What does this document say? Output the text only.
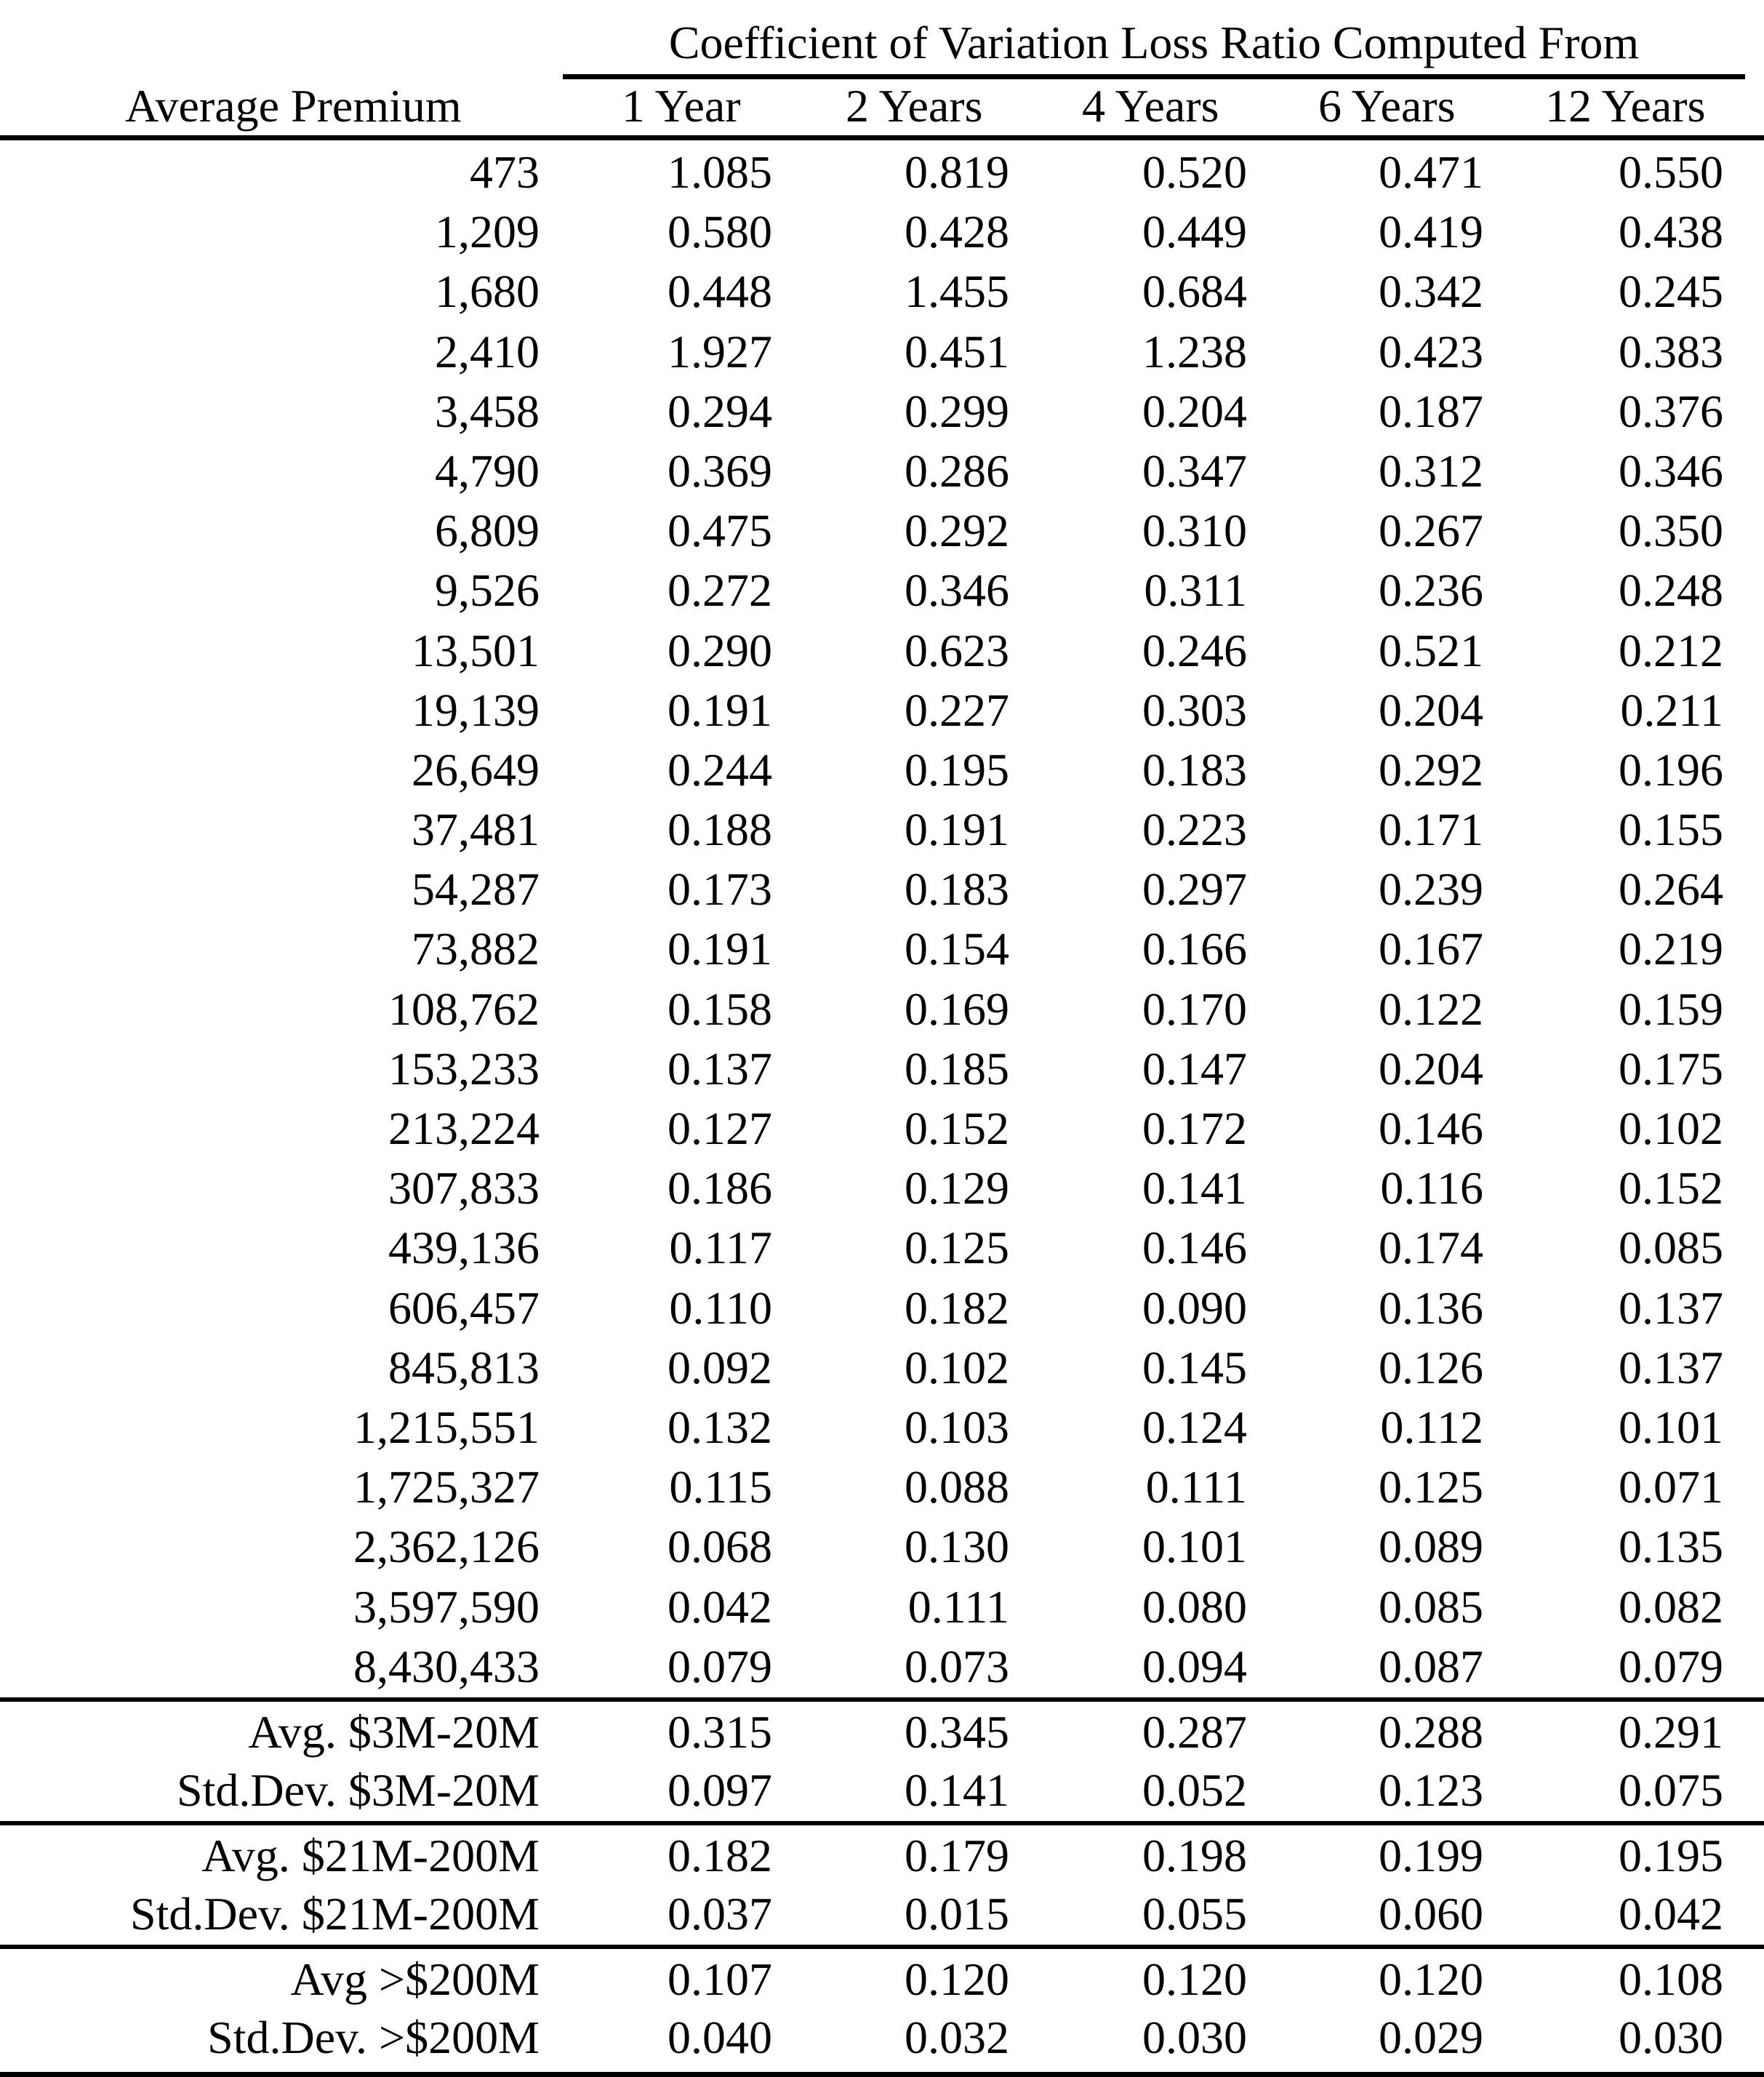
Coefficient of Variation Loss Ratio Computed From
Average Premium	1 Year 2 Years 4 Years 6 Years 12 Years
473	1.085	0.819	0.520	0.471	0.550
1,209	0.580	0.428	0.449	0.419	0.438
1,680	0.448	1.455	0.684	0.342	0.245
2,410	1.927	0.451	1.238	0.423	0.383
3,458	0.294	0.299	0.204	0.187	0.376
4,790	0.369	0.286	0.347	0.312	0.346
6,809	0.475	0.292	0.310	0.267	0.350
9,526	0.272	0.346	0.311	0.236	0.248
13,501	0.290	0.623	0.246	0.521	0.212
19,139	0.191	0.227	0.303	0.204	0.211
26,649	0.244	0.195	0.183	0.292	0.196
37,481	0.188	0.191	0.223	0.171	0.155
54,287	0.173	0.183	0.297	0.239	0.264
73,882	0.191	0.154	0.166	0.167	0.219
108,762	0.158	0.169	0.170	0.122	0.159
153,233	0.137	0.185	0.147	0.204	0.175
213,224	0.127	0.152	0.172	0.146	0.102
307,833	0.186	0.129	0.141	0.116	0.152
439,136	0.117	0.125	0.146	0.174	0.085
606,457	0.110	0.182	0.090	0.136	0.137
845,813	0.092	0.102	0.145	0.126	0.137
1,215,551	0.132	0.103	0.124	0.112	0.101
1,725,327	0.115	0.088	0.111	0.125	0.071
2,362,126	0.068	0.130	0.101	0.089	0.135
3,597,590	0.042	0.111	0.080	0.085	0.082
8,430,433	0.079	0.073	0.094	0.087	0.079
Avg. $3M-20M	0.315	0.345	0.287	0.288	0.291
Std.Dev. $3M-20M	0.097	0.141	0.052	0.123	0.075
Avg. $21M-200M	0.182	0.179	0.198	0.199	0.195
Std.Dev. $21M-200M	0.037	0.015	0.055	0.060	0.042
Avg >$200M	0.107	0.120	0.120	0.120	0.108
Std.Dev. >$200M	0.040	0.032	0.030	0.029	0.030
